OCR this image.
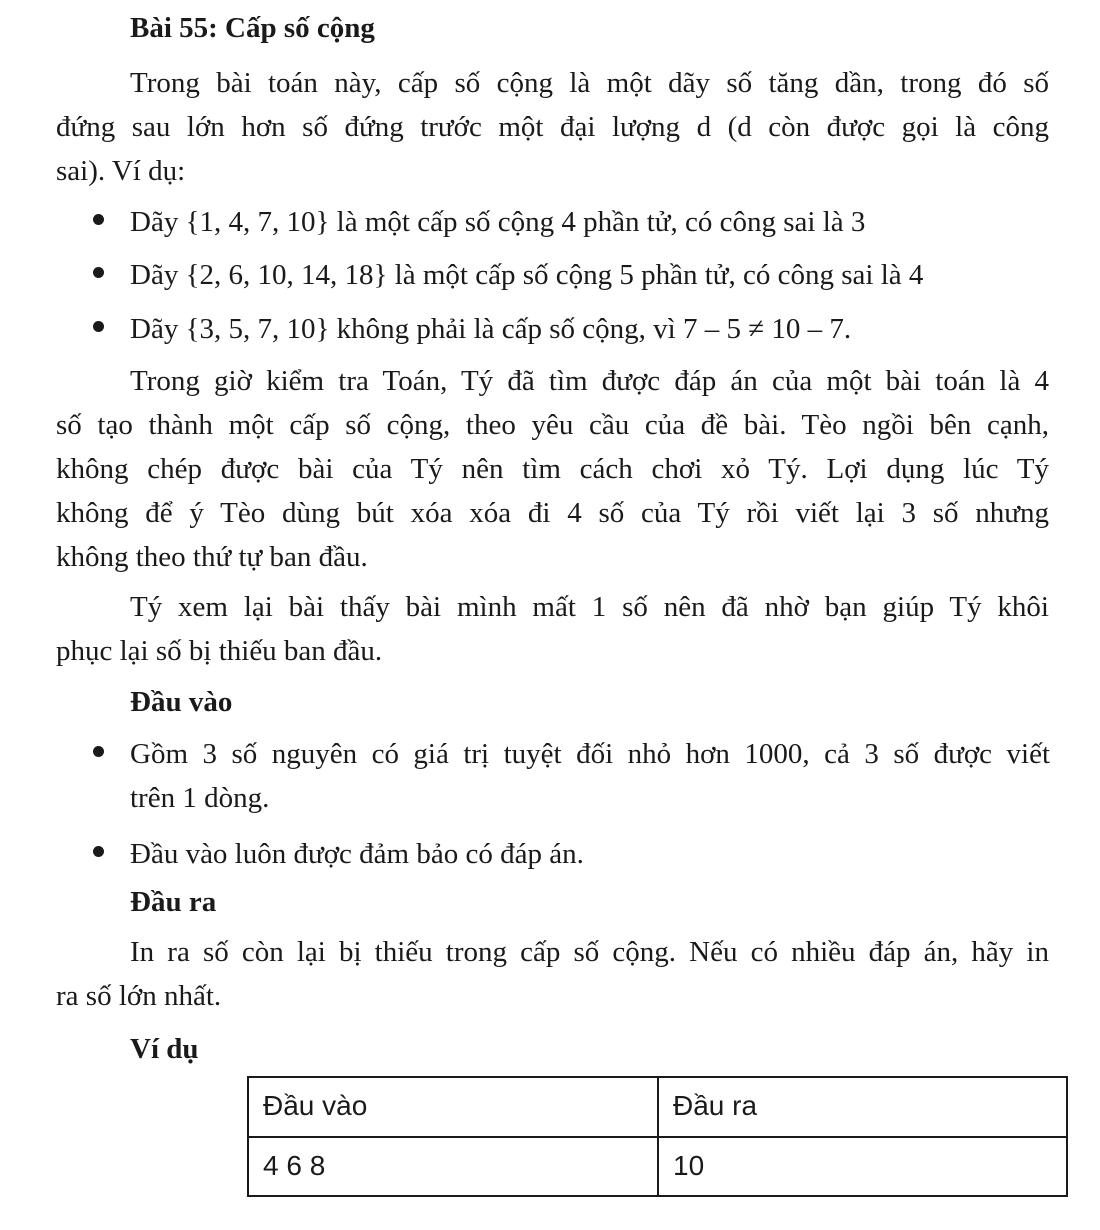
Bài 55: Cấp số cộng
Trong bài toán này, cấp số cộng là một dãy số tăng dần, trong đó số
đứng sau lớn hơn số đứng trước một đại lượng d (d còn được gọi là công
sai). Ví dụ:
Dãy {1, 4, 7, 10} là một cấp số cộng 4 phần tử, có công sai là 3
Dãy {2, 6, 10, 14, 18} là một cấp số cộng 5 phần tử, có công sai là 4
Dãy {3, 5, 7, 10} không phải là cấp số cộng, vì 7 – 5 ≠ 10 – 7.
Trong giờ kiểm tra Toán, Tý đã tìm được đáp án của một bài toán là 4
số tạo thành một cấp số cộng, theo yêu cầu của đề bài. Tèo ngồi bên cạnh,
không chép được bài của Tý nên tìm cách chơi xỏ Tý. Lợi dụng lúc Tý
không để ý Tèo dùng bút xóa xóa đi 4 số của Tý rồi viết lại 3 số nhưng
không theo thứ tự ban đầu.
Tý xem lại bài thấy bài mình mất 1 số nên đã nhờ bạn giúp Tý khôi
phục lại số bị thiếu ban đầu.
Đầu vào
Gồm 3 số nguyên có giá trị tuyệt đối nhỏ hơn 1000, cả 3 số được viết
trên 1 dòng.
Đầu vào luôn được đảm bảo có đáp án.
Đầu ra
In ra số còn lại bị thiếu trong cấp số cộng. Nếu có nhiều đáp án, hãy in
ra số lớn nhất.
Ví dụ
Đầu vào	Đầu ra
4 6 8	10
